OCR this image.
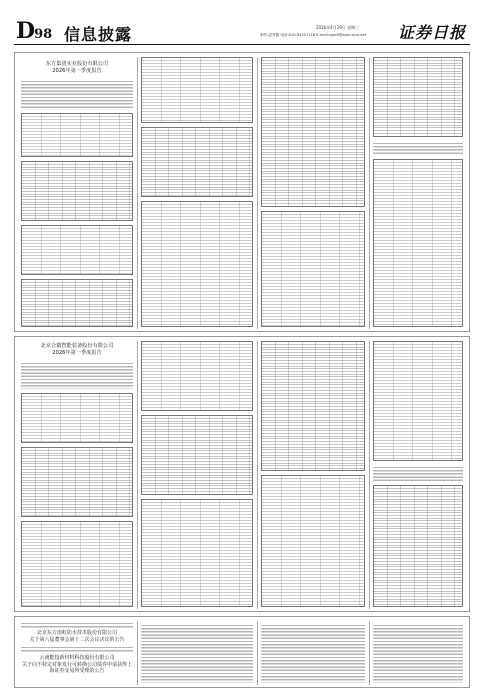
D98 信息披露	2026年4月29日 星期三
制作:尉秀娟 电话:010-83251716 E-mail:zqrb9@zqrb.sina.net 证券日报
东方集团实业股份有限公司
2026年第一季度报告
北京合锻智能装备股份有限公司
2026年第一季度报告
北京东方雨虹防水技术股份有限公司
关于第八届董事会第十二次会议决议的公告
云南能投新材料科技股份有限公司
关于向不特定对象发行可转换公司债券申请获得上海证券交易所受理的公告
